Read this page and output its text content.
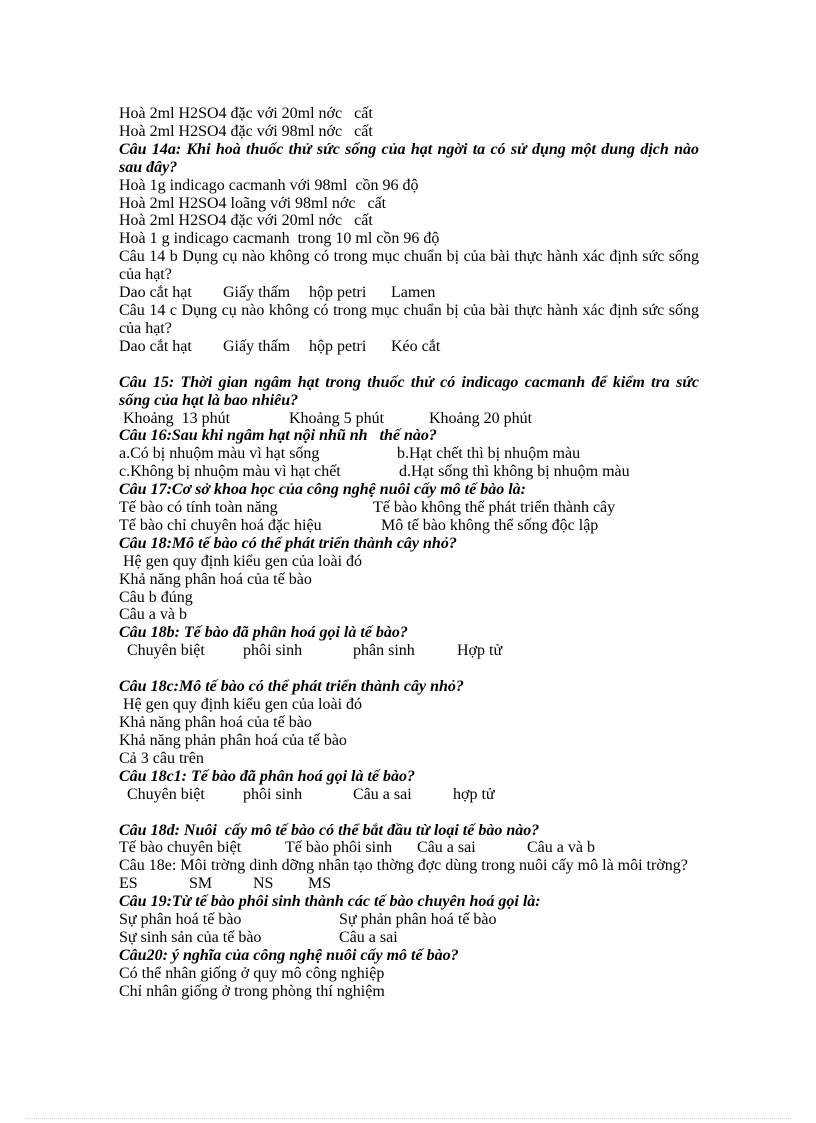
Hoà 2ml H2SO4 đặc với 20ml nớc   cất
Hoà 2ml H2SO4 đặc với 98ml nớc   cất
Câu 14a: Khi hoà thuốc thử sức sống của hạt ngời ta có sử dụng một dung dịch nào sau đây?
Hoà 1g indicago cacmanh với 98ml  cồn 96 độ
Hoà 2ml H2SO4 loãng với 98ml nớc   cất
Hoà 2ml H2SO4 đặc với 20ml nớc   cất
Hoà 1 g indicago cacmanh  trong 10 ml cồn 96 độ
Câu 14 b Dụng cụ nào không có trong mục chuẩn bị của bài thực hành xác định sức sống của hạt?
Dao cắt hạt	Giấy thấm	hộp petri	Lamen
Câu 14 c Dụng cụ nào không có trong mục chuẩn bị của bài thực hành xác định sức sống của hạt?
Dao cắt hạt	Giấy thấm	hộp petri	Kéo cắt
Câu 15: Thời gian ngâm hạt trong thuốc thử có indicago cacmanh để kiểm tra sức sống của hạt là bao nhiêu?
Khoảng  13 phút	Khoảng 5 phút	Khoảng 20 phút
Câu 16:Sau khi ngâm hạt nội nhũ nh   thế nào?
a.Có bị nhuộm màu vì hạt sống	b.Hạt chết thì bị nhuộm màu
c.Không bị nhuộm màu vì hạt chết	d.Hạt sống thì không bị nhuộm màu
Câu 17:Cơ sở khoa học của công nghệ nuôi cấy mô tế bào là:
Tế bào có tính toàn năng	Tế bào không thể phát triển thành cây
Tế bào chỉ chuyên hoá đặc hiệu	Mô tế bào không thể sống độc lập
Câu 18:Mô tế bào có thể phát triển thành cây nhỏ?
Hệ gen quy định kiểu gen của loài đó
Khả năng phân hoá của tế bào
Câu b đúng
Câu a và b
Câu 18b: Tế bào đã phân hoá gọi là tế bào?
Chuyên biệt	phôi sinh	phân sinh	Hợp tử
Câu 18c:Mô tế bào có thể phát triển thành cây nhỏ?
Hệ gen quy định kiểu gen của loài đó
Khả năng phân hoá của tế bào
Khả năng phản phân hoá của tế bào
Cả 3 câu trên
Câu 18c1: Tế bào đã phân hoá gọi là tế bào?
Chuyên biệt	phôi sinh	Câu a sai	hợp tử
Câu 18d: Nuôi  cấy mô tế bào có thể bắt đầu từ loại tế bào nào?
Tế bào chuyên biệt	Tế bào phôi sinh	Câu a sai	Câu a và b
Câu 18e: Môi trờng dinh dỡng nhân tạo thờng đợc dùng trong nuôi cấy mô là môi trờng?
ES	SM	NS	MS
Câu 19:Từ tế bào phôi sinh thành các tế bào chuyên hoá gọi là:
Sự phân hoá tế bào	Sự phản phân hoá tế bào
Sự sinh sản của tế bào	Câu a sai
Câu20: ý nghĩa của công nghệ nuôi cấy mô tế bào?
Có thể nhân giống ở quy mô công nghiệp
Chỉ nhân giống ở trong phòng thí nghiệm
